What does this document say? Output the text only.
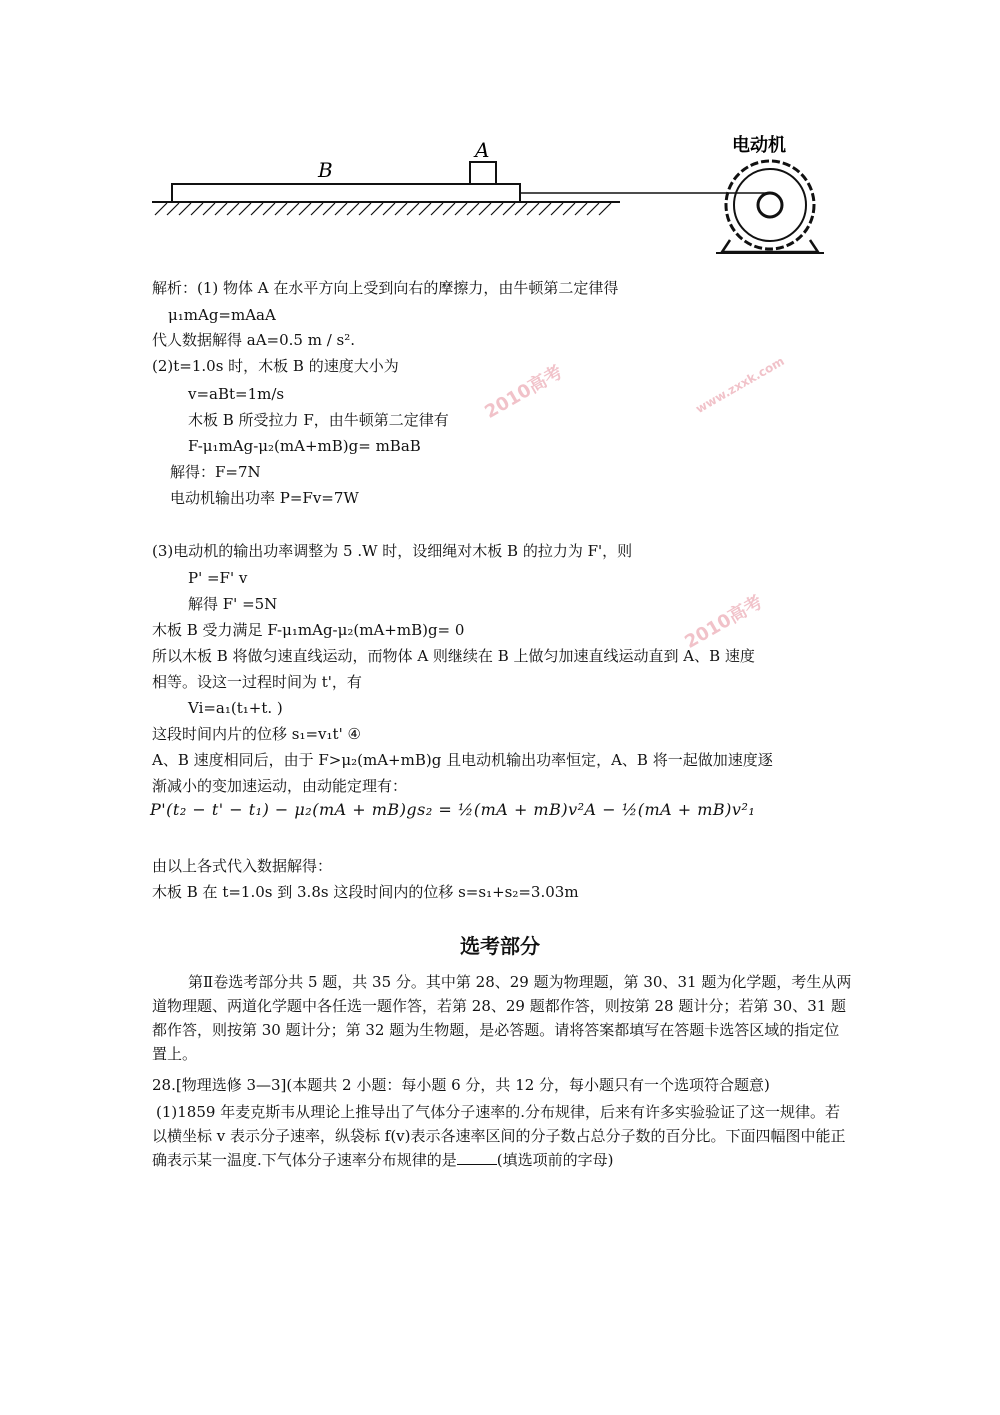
B
A	电动机
解析：(1) 物体 A 在水平方向上受到向右的摩擦力，由牛顿第二定律得
μ₁mAg=mAaA
代人数据解得 aA=0.5 m / s².
(2)t=1.0s 时，木板 B 的速度大小为
v=aBt=1m/s
木板 B 所受拉力 F，由牛顿第二定律有
F-μ₁mAg-μ₂(mA+mB)g= mBaB
解得：F=7N
电动机输出功率 P=Fv=7W
(3)电动机的输出功率调整为 5 .W 时，设细绳对木板 B 的拉力为 F'，则
P' =F' v
解得 F' =5N
木板 B 受力满足 F-μ₁mAg-μ₂(mA+mB)g= 0
所以木板 B 将做匀速直线运动，而物体 A 则继续在 B 上做匀加速直线运动直到 A、B 速度
相等。设这一过程时间为 t'，有
Vi=a₁(t₁+t. )
这段时间内片的位移 s₁=v₁t' ④
A、B 速度相同后，由于 F>μ₂(mA+mB)g 且电动机输出功率恒定，A、B 将一起做加速度逐
渐减小的变加速运动，由动能定理有：
P'(t₂ − t' − t₁) − μ₂(mA + mB)gs₂ = ½(mA + mB)v²A − ½(mA + mB)v²₁
由以上各式代入数据解得：
木板 B 在 t=1.0s 到 3.8s 这段时间内的位移 s=s₁+s₂=3.03m
选考部分
第Ⅱ卷选考部分共 5 题，共 35 分。其中第 28、29 题为物理题，第 30、31 题为化学题，考生从两道物理题、两道化学题中各任选一题作答，若第 28、29 题都作答，则按第 28 题计分；若第 30、31 题都作答，则按第 30 题计分；第 32 题为生物题，是必答题。请将答案都填写在答题卡选答区域的指定位置上。
28.[物理选修 3—3](本题共 2 小题：每小题 6 分，共 12 分，每小题只有一个选项符合题意)
(1)1859 年麦克斯韦从理论上推导出了气体分子速率的.分布规律，后来有许多实验验证了这一规律。若以横坐标 v 表示分子速率，纵袋标 f(v)表示各速率区间的分子数占总分子数的百分比。下面四幅图中能正确表示某一温度.下气体分子速率分布规律的是	(填选项前的字母)
2010高考
2010高考
www.zxxk.com
